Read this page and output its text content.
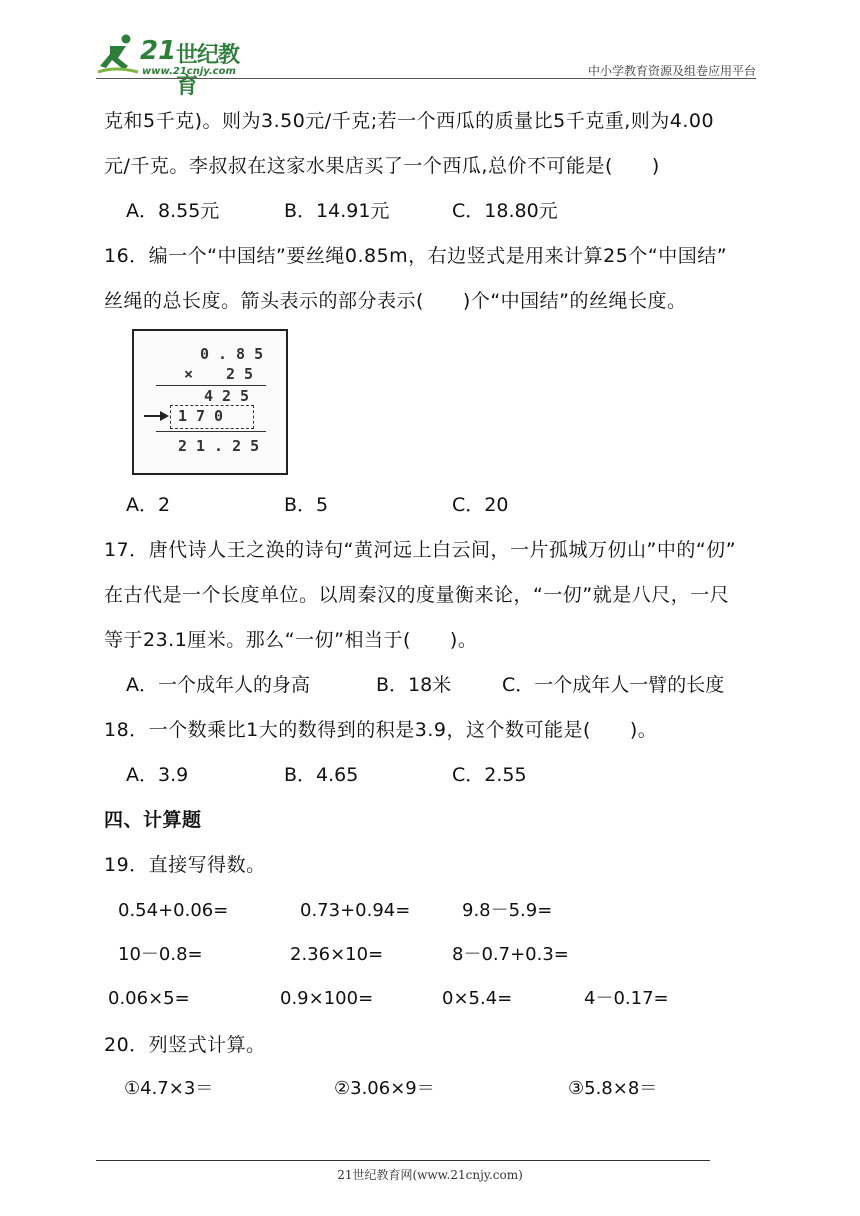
21 世纪教育
www.21cnjy.com	中小学教育资源及组卷应用平台
克和5千克)。则为3.50元/千克;若一个西瓜的质量比5千克重,则为4.00
元/千克。李叔叔在这家水果店买了一个西瓜,总价不可能是(　　)
A．8.55元	B．14.91元	C．18.80元
16．编一个“中国结”要丝绳0.85m，右边竖式是用来计算25个“中国结”
丝绳的总长度。箭头表示的部分表示(　　)个“中国结”的丝绳长度。
0.85
× 25
425
170
21.25
A．2	B．5	C．20
17．唐代诗人王之涣的诗句“黄河远上白云间，一片孤城万仞山”中的“仞”
在古代是一个长度单位。以周秦汉的度量衡来论，“一仞”就是八尺，一尺
等于23.1厘米。那么“一仞”相当于(　　)。
A．一个成年人的身高	B．18米	C．一个成年人一臂的长度
18．一个数乘比1大的数得到的积是3.9，这个数可能是(　　)。
A．3.9	B．4.65	C．2.55
四、计算题
19．直接写得数。
0.54+0.06=	0.73+0.94=	9.8－5.9=
10－0.8=	2.36×10=	8－0.7+0.3=
0.06×5=	0.9×100=	0×5.4=	4－0.17=
20．列竖式计算。
①4.7×3＝	②3.06×9＝	③5.8×8＝
21世纪教育网(www.21cnjy.com)
